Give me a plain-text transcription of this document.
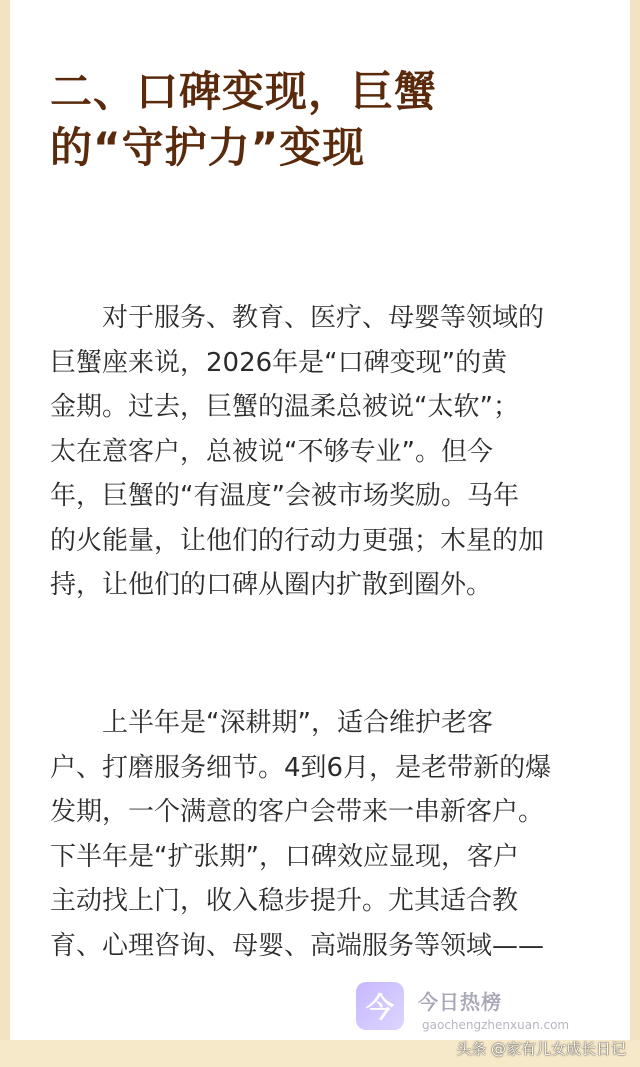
二、口碑变现，巨蟹
的“守护力”变现
对于服务、教育、医疗、母婴等领域的
巨蟹座来说，2026年是“口碑变现”的黄
金期。过去，巨蟹的温柔总被说“太软”；
太在意客户，总被说“不够专业”。但今
年，巨蟹的“有温度”会被市场奖励。马年
的火能量，让他们的行动力更强；木星的加
持，让他们的口碑从圈内扩散到圈外。
上半年是“深耕期”，适合维护老客
户、打磨服务细节。4到6月，是老带新的爆
发期，一个满意的客户会带来一串新客户。
下半年是“扩张期”，口碑效应显现，客户
主动找上门，收入稳步提升。尤其适合教
育、心理咨询、母婴、高端服务等领域——
今	今日热榜
gaochengzhenxuan.com
头条 @家有儿女成长日记
